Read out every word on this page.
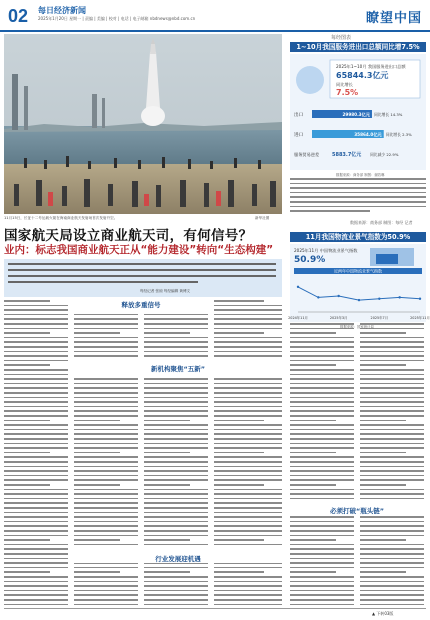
02 每日经济新闻
2025年1月20日 星期一 | 责编 | 美编 | 校对 | 电话 | 电子邮箱 nbdnews@nbd.com.cn	瞭望中国
11月15日，长征十二号运载火箭在海南商业航天发射场首次发射升空。	新华社图
国家航天局设立商业航天司，有何信号？
业内：标志我国商业航天正从“能力建设”转向“生态构建”
每经记者 张琼 每经编辑 黄博文
释放多重信号
新机构聚焦“五新”
行业发展迎机遇
必须打破“瓶头链”
每经图表
1~10月我国服务进出口总额同比增7.5%
2025年1~10月 我国服务进出口总额
65844.3亿元
同比增长
7.5%
出口	29980.3亿元 同比增长 14.3%
进口	35864.0亿元 同比增长 2.3%
服务贸易逆差	5883.7亿元 同比减少 22.9%
数据来源：商务部 制图：谢若琳
数据来源：商务部 制图：每经 记者
11月我国物流业景气指数为50.9%
2025年11月 中国物流业景气指数
50.9%
近两年中国物流业景气指数
2024年11月	2025年3月	2025年7月	2025年11月
数据来源：国家统计局
▲ 下转03版
